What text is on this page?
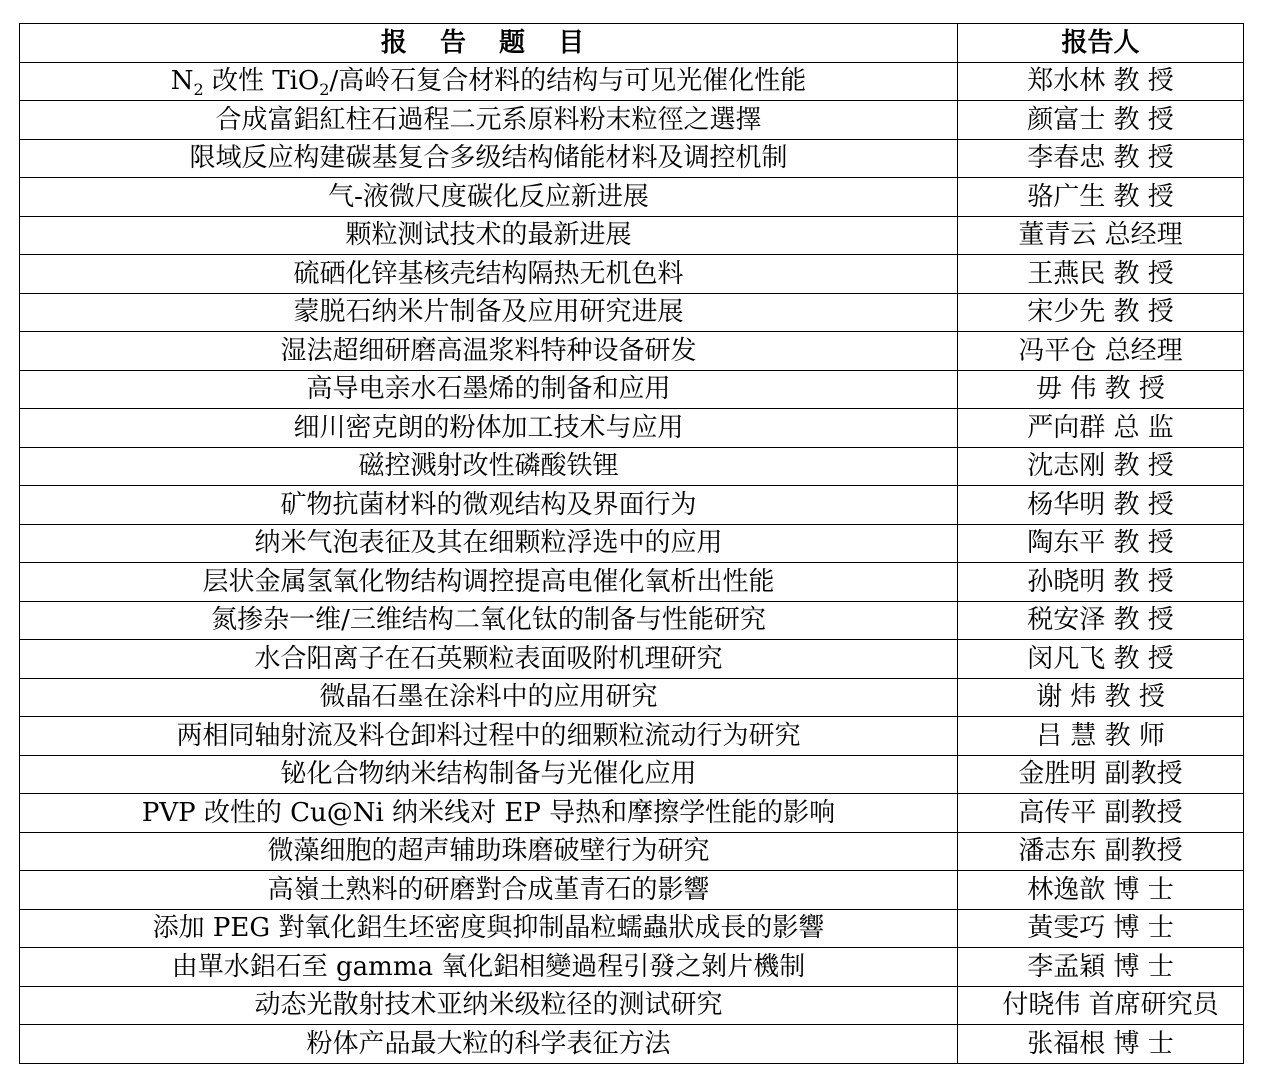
报 告 题 目	报告人
$N_2$ 改性 TiO$_2$/高岭石复合材料的结构与可见光催化性能	郑水林 教 授
合成富鋁紅柱石過程二元系原料粉末粒徑之選擇	颜富士 教 授
限域反应构建碳基复合多级结构储能材料及调控机制	李春忠 教 授
气-液微尺度碳化反应新进展	骆广生 教 授
颗粒测试技术的最新进展	董青云 总经理
硫硒化锌基核壳结构隔热无机色料	王燕民 教 授
蒙脱石纳米片制备及应用研究进展	宋少先 教 授
湿法超细研磨高温浆料特种设备研发	冯平仓 总经理
高导电亲水石墨烯的制备和应用	毋 伟 教 授
细川密克朗的粉体加工技术与应用	严向群 总 监
磁控溅射改性磷酸铁锂	沈志刚 教 授
矿物抗菌材料的微观结构及界面行为	杨华明 教 授
纳米气泡表征及其在细颗粒浮选中的应用	陶东平 教 授
层状金属氢氧化物结构调控提高电催化氧析出性能	孙晓明 教 授
氮掺杂一维/三维结构二氧化钛的制备与性能研究	税安泽 教 授
水合阳离子在石英颗粒表面吸附机理研究	闵凡飞 教 授
微晶石墨在涂料中的应用研究	谢 炜 教 授
两相同轴射流及料仓卸料过程中的细颗粒流动行为研究	吕 慧 教 师
铋化合物纳米结构制备与光催化应用	金胜明 副教授
PVP 改性的 Cu@Ni 纳米线对 EP 导热和摩擦学性能的影响	高传平 副教授
微藻细胞的超声辅助珠磨破壁行为研究	潘志东 副教授
高嶺土熟料的研磨對合成堇青石的影響	林逸歆 博 士
添加 PEG 對氧化鋁生坯密度與抑制晶粒蠕蟲狀成長的影響	黃雯巧 博 士
由單水鋁石至 gamma 氧化鋁相變過程引發之剝片機制	李孟穎 博 士
动态光散射技术亚纳米级粒径的测试研究	付晓伟 首席研究员
粉体产品最大粒的科学表征方法	张福根 博 士
